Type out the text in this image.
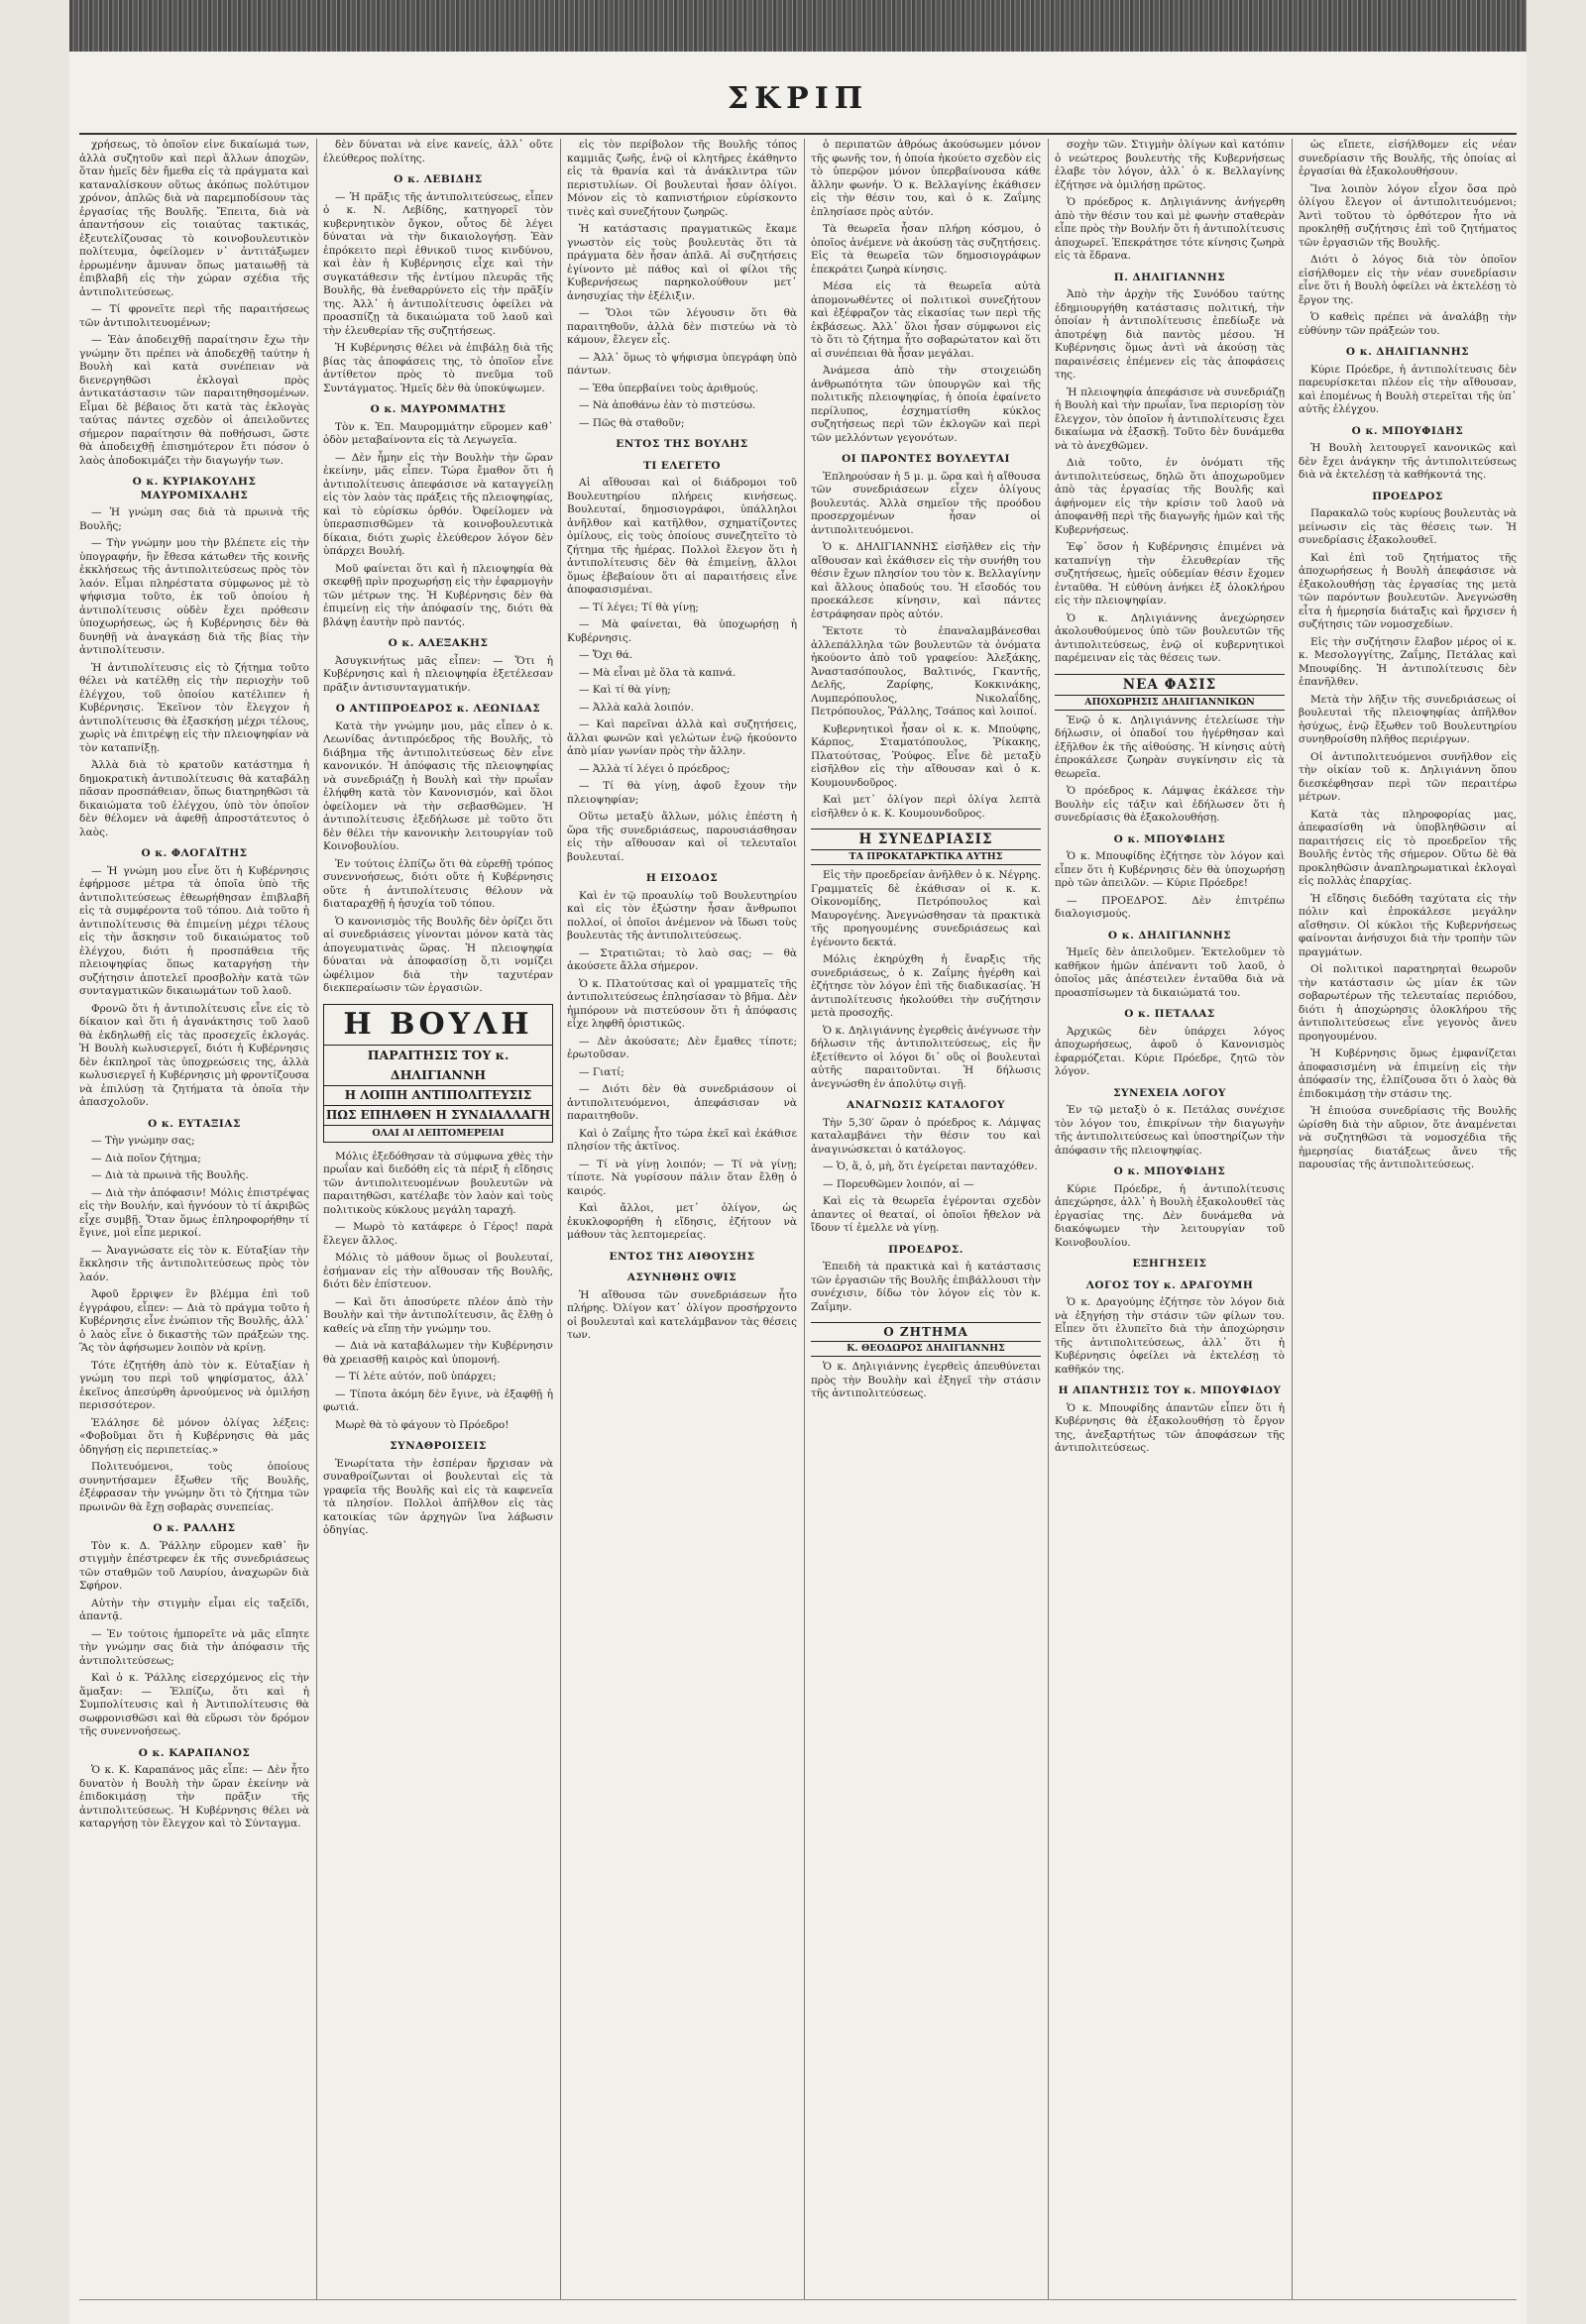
ΣΚΡΙΠ

χρήσεως, τὸ ὁποῖον εἶνε δικαίωμά των, ἀλλὰ συζητοῦν καὶ περὶ ἄλλων ἀποχῶν, ὅταν ἡμεῖς δὲν ἤμεθα εἰς τὰ πράγματα καὶ καταναλίσκουν οὕτως ἀκόπως πολύτιμον χρόνον, ἁπλῶς διὰ νὰ παρεμποδίσουν τὰς ἐργασίας τῆς Βουλῆς. Ἔπειτα, διὰ νὰ ἀπαντήσουν εἰς τοιαύτας τακτικάς, ἐξευτελίζουσας τὸ κοινοβουλευτικὸν πολίτευμα, ὀφείλομεν ν᾿ ἀντιτάξωμεν ἐρρωμένην ἄμυναν ὅπως ματαιωθῇ τὰ ἐπιβλαβῆ εἰς τὴν χώραν σχέδια τῆς ἀντιπολιτεύσεως.

— Τί φρονεῖτε περὶ τῆς παραιτήσεως τῶν ἀντιπολιτευομένων;

— Ἐὰν ἀποδειχθῇ παραίτησιν ἔχω τὴν γνώμην ὅτι πρέπει νὰ ἀποδεχθῇ ταύτην ἡ Βουλὴ καὶ κατὰ συνέπειαν νὰ διενεργηθῶσι ἐκλογαὶ πρὸς ἀντικατάστασιν τῶν παραιτηθησομένων. Εἶμαι δὲ βέβαιος ὅτι κατὰ τὰς ἐκλογὰς ταύτας πάντες σχεδὸν οἱ ἀπειλοῦντες σήμερον παραίτησιν θὰ ποθήσωσι, ὥστε θὰ ἀποδειχθῇ ἐπισημότερον ἔτι πόσον ὁ λαὸς ἀποδοκιμάζει τὴν διαγωγήν των.

Ο κ. ΚΥΡΙΑΚΟΥΛΗΣ ΜΑΥΡΟΜΙΧΑΛΗΣ

— Ἡ γνώμη σας διὰ τὰ πρωινὰ τῆς Βουλῆς;

— Τὴν γνώμην μου τὴν βλέπετε εἰς τὴν ὑπογραφήν, ἣν ἔθεσα κάτωθεν τῆς κοινῆς ἐκκλήσεως τῆς ἀντιπολιτεύσεως πρὸς τὸν λαόν. Εἶμαι πληρέστατα σύμφωνος μὲ τὸ ψήφισμα τοῦτο, ἐκ τοῦ ὁποίου ἡ ἀντιπολίτευσις οὐδὲν ἔχει πρόθεσιν ὑποχωρήσεως, ὡς ἡ Κυβέρνησις δὲν θὰ δυνηθῇ νὰ ἀναγκάσῃ διὰ τῆς βίας τὴν ἀντιπολίτευσιν.

Ἡ ἀντιπολίτευσις εἰς τὸ ζήτημα τοῦτο θέλει νὰ κατέλθῃ εἰς τὴν περιοχὴν τοῦ ἐλέγχου, τοῦ ὁποίου κατέλιπεν ἡ Κυβέρνησις. Ἐκεῖνον τὸν ἔλεγχον ἡ ἀντιπολίτευσις θὰ ἐξασκήσῃ μέχρι τέλους, χωρὶς νὰ ἐπιτρέψῃ εἰς τὴν πλειοψηφίαν νὰ τὸν καταπνίξῃ.

Ἀλλὰ διὰ τὸ κρατοῦν κατάστημα ἡ δημοκρατικὴ ἀντιπολίτευσις θὰ καταβάλῃ πᾶσαν προσπάθειαν, ὅπως διατηρηθῶσι τὰ δικαιώματα τοῦ ἐλέγχου, ὑπὸ τὸν ὁποῖον δὲν θέλομεν νὰ ἀφεθῇ ἀπροστάτευτος ὁ λαὸς.

Ο κ. ΦΛΟΓΑΪΤΗΣ

— Ἡ γνώμη μου εἶνε ὅτι ἡ Κυβέρνησις ἐφήρμοσε μέτρα τὰ ὁποῖα ὑπὸ τῆς ἀντιπολιτεύσεως ἐθεωρήθησαν ἐπιβλαβῆ εἰς τὰ συμφέροντα τοῦ τόπου. Διὰ τοῦτο ἡ ἀντιπολίτευσις θὰ ἐπιμείνῃ μέχρι τέλους εἰς τὴν ἄσκησιν τοῦ δικαιώματος τοῦ ἐλέγχου, διότι ἡ προσπάθεια τῆς πλειοψηφίας ὅπως καταργήσῃ τὴν συζήτησιν ἀποτελεῖ προσβολὴν κατὰ τῶν συνταγματικῶν δικαιωμάτων τοῦ λαοῦ.

Φρονῶ ὅτι ἡ ἀντιπολίτευσις εἶνε εἰς τὸ δίκαιον καὶ ὅτι ἡ ἀγανάκτησις τοῦ λαοῦ θὰ ἐκδηλωθῇ εἰς τὰς προσεχεῖς ἐκλογάς. Ἡ Βουλὴ κωλυσιεργεῖ, διότι ἡ Κυβέρνησις δὲν ἐκπληροῖ τὰς ὑποχρεώσεις της, ἀλλὰ κωλυσιεργεῖ ἡ Κυβέρνησις μὴ φροντίζουσα νὰ ἐπιλύσῃ τὰ ζητήματα τὰ ὁποῖα τὴν ἀπασχολοῦν.

Ο κ. ΕΥΤΑΞΙΑΣ

— Τὴν γνώμην σας;

— Διὰ ποῖον ζήτημα;

— Διὰ τὰ πρωινὰ τῆς Βουλῆς.

— Διὰ τὴν ἀπόφασιν! Μόλις ἐπιστρέψας εἰς τὴν Βουλήν, καὶ ἠγνόουν τὸ τί ἀκριβῶς εἶχε συμβῇ. Ὅταν ὅμως ἐπληροφορήθην τί ἔγινε, μοὶ εἶπε μερικοί.

— Ἀναγνώσατε εἰς τὸν κ. Εὐταξίαν τὴν ἔκκλησιν τῆς ἀντιπολιτεύσεως πρὸς τὸν λαόν.

Ἀφοῦ ἔρριψεν ἓν βλέμμα ἐπὶ τοῦ ἐγγράφου, εἶπεν: — Διὰ τὸ πράγμα τοῦτο ἡ Κυβέρνησις εἶνε ἐνώπιον τῆς Βουλῆς, ἀλλ᾿ ὁ λαὸς εἶνε ὁ δικαστὴς τῶν πράξεών της. Ἂς τὸν ἀφήσωμεν λοιπὸν νὰ κρίνῃ.

Τότε ἐζητήθη ἀπὸ τὸν κ. Εὐταξίαν ἡ γνώμη του περὶ τοῦ ψηφίσματος, ἀλλ᾿ ἐκεῖνος ἀπεσύρθη ἀρνούμενος νὰ ὁμιλήσῃ περισσότερον.

Ἐλάλησε δὲ μόνον ὀλίγας λέξεις: «Φοβοῦμαι ὅτι ἡ Κυβέρνησις θὰ μᾶς ὁδηγήσῃ εἰς περιπετείας.»

Πολιτευόμενοι, τοὺς ὁποίους συνηντήσαμεν ἔξωθεν τῆς Βουλῆς, ἐξέφρασαν τὴν γνώμην ὅτι τὸ ζήτημα τῶν πρωινῶν θὰ ἔχῃ σοβαρὰς συνεπείας.

Ο κ. ΡΑΛΛΗΣ

Τὸν κ. Δ. Ῥάλλην εὕρομεν καθ᾿ ἣν στιγμὴν ἐπέστρεφεν ἐκ τῆς συνεδριάσεως τῶν σταθμῶν τοῦ Λαυρίου, ἀναχωρῶν διὰ Σφήρον.

Αὐτὴν τὴν στιγμὴν εἶμαι εἰς ταξεῖδι, ἀπαντᾷ.

— Ἐν τούτοις ἠμπορεῖτε νὰ μᾶς εἴπητε τὴν γνώμην σας διὰ τὴν ἀπόφασιν τῆς ἀντιπολιτεύσεως;

Καὶ ὁ κ. Ῥάλλης εἰσερχόμενος εἰς τὴν ἅμαξαν: — Ἐλπίζω, ὅτι καὶ ἡ Συμπολίτευσις καὶ ἡ Ἀντιπολίτευσις θὰ σωφρονισθῶσι καὶ θὰ εὕρωσι τὸν δρόμον τῆς συνεννοήσεως.

Ο κ. ΚΑΡΑΠΑΝΟΣ

Ὁ κ. Κ. Καραπάνος μᾶς εἶπε: — Δὲν ἦτο δυνατὸν ἡ Βουλὴ τὴν ὥραν ἐκείνην νὰ ἐπιδοκιμάσῃ τὴν πρᾶξιν τῆς ἀντιπολιτεύσεως. Ἡ Κυβέρνησις θέλει νὰ καταργήσῃ τὸν ἔλεγχον καὶ τὸ Σύνταγμα.

δὲν δύναται νὰ εἶνε κανείς, ἀλλ᾿ οὔτε ἐλεύθερος πολίτης.

Ο κ. ΛΕΒΙΔΗΣ

— Ἡ πρᾶξις τῆς ἀντιπολιτεύσεως, εἶπεν ὁ κ. Ν. Λεβίδης, κατηγορεῖ τὸν κυβερνητικὸν ὄγκον, οὗτος δὲ λέγει δύναται νὰ τὴν δικαιολογήσῃ. Ἐὰν ἐπρόκειτο περὶ ἐθνικοῦ τινος κινδύνου, καὶ ἐὰν ἡ Κυβέρνησις εἶχε καὶ τὴν συγκατάθεσιν τῆς ἐντίμου πλευρᾶς τῆς Βουλῆς, θὰ ἐνεθαρρύνετο εἰς τὴν πρᾶξίν της. Ἀλλ᾿ ἡ ἀντιπολίτευσις ὀφείλει νὰ προασπίζῃ τὰ δικαιώματα τοῦ λαοῦ καὶ τὴν ἐλευθερίαν τῆς συζητήσεως.

Ἡ Κυβέρνησις θέλει νὰ ἐπιβάλῃ διὰ τῆς βίας τὰς ἀποφάσεις της, τὸ ὁποῖον εἶνε ἀντίθετον πρὸς τὸ πνεῦμα τοῦ Συντάγματος. Ἡμεῖς δὲν θὰ ὑποκύψωμεν.

Ο κ. ΜΑΥΡΟΜΜΑΤΗΣ

Τὸν κ. Ἐπ. Μαυρομμάτην εὕρομεν καθ᾿ ὁδὸν μεταβαίνοντα εἰς τὰ Λεγωγεῖα.

— Δὲν ἦμην εἰς τὴν Βουλὴν τὴν ὥραν ἐκείνην, μᾶς εἶπεν. Τώρα ἔμαθον ὅτι ἡ ἀντιπολίτευσις ἀπεφάσισε νὰ καταγγείλῃ εἰς τὸν λαὸν τὰς πράξεις τῆς πλειοψηφίας, καὶ τὸ εὑρίσκω ὀρθόν. Ὀφείλομεν νὰ ὑπερασπισθῶμεν τὰ κοινοβουλευτικὰ δίκαια, διότι χωρὶς ἐλεύθερον λόγον δὲν ὑπάρχει Βουλή.

Μοῦ φαίνεται ὅτι καὶ ἡ πλειοψηφία θὰ σκεφθῇ πρὶν προχωρήσῃ εἰς τὴν ἐφαρμογὴν τῶν μέτρων της. Ἡ Κυβέρνησις δὲν θὰ ἐπιμείνῃ εἰς τὴν ἀπόφασίν της, διότι θὰ βλάψῃ ἑαυτὴν πρὸ παντός.

Ο κ. ΑΛΕΞΑΚΗΣ

Ἀσυγκινήτως μᾶς εἶπεν: — Ὅτι ἡ Κυβέρνησις καὶ ἡ πλειοψηφία ἐξετέλεσαν πρᾶξιν ἀντισυνταγματικήν.

Ο ΑΝΤΙΠΡΟΕΔΡΟΣ κ. ΛΕΩΝΙΔΑΣ

Κατὰ τὴν γνώμην μου, μᾶς εἶπεν ὁ κ. Λεωνίδας ἀντιπρόεδρος τῆς Βουλῆς, τὸ διάβημα τῆς ἀντιπολιτεύσεως δὲν εἶνε κανονικόν. Ἡ ἀπόφασις τῆς πλειοψηφίας νὰ συνεδριάζῃ ἡ Βουλὴ καὶ τὴν πρωΐαν ἐλήφθη κατὰ τὸν Κανονισμόν, καὶ ὅλοι ὀφείλομεν νὰ τὴν σεβασθῶμεν. Ἡ ἀντιπολίτευσις ἐξεδήλωσε μὲ τοῦτο ὅτι δὲν θέλει τὴν κανονικὴν λειτουργίαν τοῦ Κοινοβουλίου.

Ἐν τούτοις ἐλπίζω ὅτι θὰ εὑρεθῇ τρόπος συνεννοήσεως, διότι οὔτε ἡ Κυβέρνησις οὔτε ἡ ἀντιπολίτευσις θέλουν νὰ διαταραχθῇ ἡ ἡσυχία τοῦ τόπου.

Ὁ κανονισμὸς τῆς Βουλῆς δὲν ὁρίζει ὅτι αἱ συνεδριάσεις γίνονται μόνον κατὰ τὰς ἀπογευματινὰς ὥρας. Ἡ πλειοψηφία δύναται νὰ ἀποφασίσῃ ὅ,τι νομίζει ὠφέλιμον διὰ τὴν ταχυτέραν διεκπεραίωσιν τῶν ἐργασιῶν.

Η ΒΟΥΛΗ
ΠΑΡΑΙΤΗΣΙΣ ΤΟΥ κ. ΔΗΛΙΓΙΑΝΝΗ
Η ΛΟΙΠΗ ΑΝΤΙΠΟΛΙΤΕΥΣΙΣ
ΠΩΣ ΕΠΗΛΘΕΝ Η ΣΥΝΔΙΑΛΛΑΓΗ
ΟΛΑΙ ΑΙ ΛΕΠΤΟΜΕΡΕΙΑΙ

Μόλις ἐξεδόθησαν τὰ σύμφωνα χθὲς τὴν πρωΐαν καὶ διεδόθη εἰς τὰ πέριξ ἡ εἴδησις τῶν ἀντιπολιτευομένων βουλευτῶν νὰ παραιτηθῶσι, κατέλαβε τὸν λαὸν καὶ τοὺς πολιτικοὺς κύκλους μεγάλη ταραχή.

— Μωρὸ τὸ κατάφερε ὁ Γέρος! παρὰ ἔλεγεν ἄλλος.

Μόλις τὸ μάθουν ὅμως οἱ βουλευταί, ἐσήμαναν εἰς τὴν αἴθουσαν τῆς Βουλῆς, διότι δὲν ἐπίστευον.

— Καὶ ὅτι ἀποσύρετε πλέον ἀπὸ τὴν Βουλὴν καὶ τὴν ἀντιπολίτευσιν, ἄς ἔλθῃ ὁ καθείς νὰ εἴπῃ τὴν γνώμην του.

— Διὰ νὰ καταβάλωμεν τὴν Κυβέρνησιν θὰ χρειασθῇ καιρὸς καὶ ὑπομονή.

— Τί λέτε αὐτόν, ποῦ ὑπάρχει;

— Τίποτα ἀκόμη δὲν ἔγινε, νὰ ἐξαφθῇ ἡ φωτιά.

Μωρὲ θὰ τὸ φάγουν τὸ Πρόεδρο!

ΣΥΝΑΘΡΟΙΣΕΙΣ

Ἐνωρίτατα τὴν ἑσπέραν ἤρχισαν νὰ συναθροίζωνται οἱ βουλευταὶ εἰς τὰ γραφεῖα τῆς Βουλῆς καὶ εἰς τὰ καφενεῖα τὰ πλησίον. Πολλοὶ ἀπῆλθον εἰς τὰς κατοικίας τῶν ἀρχηγῶν ἵνα λάβωσιν ὁδηγίας.

εἰς τὸν περίβολον τῆς Βουλῆς τόπος καμμιᾶς ζωῆς, ἐνῷ οἱ κλητῆρες ἐκάθηντο εἰς τὰ θρανία καὶ τὰ ἀνάκλιντρα τῶν περιστυλίων. Οἱ βουλευταὶ ἦσαν ὀλίγοι. Μόνον εἰς τὸ καπνιστήριον εὑρίσκοντο τινὲς καὶ συνεζήτουν ζωηρῶς.

Ἡ κατάστασις πραγματικῶς ἔκαμε γνωστὸν εἰς τοὺς βουλευτὰς ὅτι τὰ πράγματα δὲν ἦσαν ἀπλᾶ. Αἱ συζητήσεις ἐγίνοντο μὲ πάθος καὶ οἱ φίλοι τῆς Κυβερνήσεως παρηκολούθουν μετ᾿ ἀνησυχίας τὴν ἐξέλιξιν.

— Ὅλοι τῶν λέγουσιν ὅτι θὰ παραιτηθοῦν, ἀλλὰ δὲν πιστεύω νὰ τὸ κάμουν, ἔλεγεν εἷς.

— Ἀλλ᾿ ὅμως τὸ ψήφισμα ὑπεγράφη ὑπὸ πάντων.

— Ἐθα ὑπερβαίνει τοὺς ἀριθμούς.

— Νὰ ἀποθάνω ἐὰν τὸ πιστεύσω.

— Πῶς θὰ σταθοῦν;

ΕΝΤΟΣ ΤΗΣ ΒΟΥΛΗΣ
ΤΙ ΕΛΕΓΕΤΟ

Αἱ αἴθουσαι καὶ οἱ διάδρομοι τοῦ Βουλευτηρίου πλήρεις κινήσεως. Βουλευταί, δημοσιογράφοι, ὑπάλληλοι ἀνῆλθον καὶ κατῆλθον, σχηματίζοντες ὁμίλους, εἰς τοὺς ὁποίους συνεζητεῖτο τὸ ζήτημα τῆς ἡμέρας. Πολλοὶ ἔλεγον ὅτι ἡ ἀντιπολίτευσις δὲν θὰ ἐπιμείνῃ, ἄλλοι ὅμως ἐβεβαίουν ὅτι αἱ παραιτήσεις εἶνε ἀποφασισμέναι.

— Τί λέγει; Τί θὰ γίνῃ;

— Μὰ φαίνεται, θὰ ὑποχωρήσῃ ἡ Κυβέρνησις.

— Ὄχι θά.

— Μὰ εἶναι μὲ ὅλα τὰ καπνά.

— Καὶ τί θὰ γίνῃ;

— Ἀλλὰ καλὰ λοιπόν.

— Καὶ παρεῖναι ἀλλὰ καὶ συζητήσεις, ἄλλαι φωνῶν καὶ γελώτων ἐνῷ ἠκούοντο ἀπὸ μίαν γωνίαν πρὸς τὴν ἄλλην.

— Ἀλλὰ τί λέγει ὁ πρόεδρος;

— Τί θὰ γίνῃ, ἀφοῦ ἔχουν τὴν πλειοψηφίαν;

Οὕτω μεταξὺ ἄλλων, μόλις ἐπέστη ἡ ὥρα τῆς συνεδριάσεως, παρουσιάσθησαν εἰς τὴν αἴθουσαν καὶ οἱ τελευταῖοι βουλευταί.

Η ΕΙΣΟΔΟΣ

Καὶ ἐν τῷ προαυλίῳ τοῦ Βουλευτηρίου καὶ εἰς τὸν ἐξώστην ἦσαν ἄνθρωποι πολλοί, οἱ ὁποῖοι ἀνέμενον νὰ ἴδωσι τοὺς βουλευτὰς τῆς ἀντιπολιτεύσεως.

— Στρατιῶται; τὸ λαὸ σας; — θὰ ἀκούσετε ἄλλα σήμερον.

Ὁ κ. Πλατούτσας καὶ οἱ γραμματεῖς τῆς ἀντιπολιτεύσεως ἐπλησίασαν τὸ βῆμα. Δὲν ἠμπόρουν νὰ πιστεύσουν ὅτι ἡ ἀπόφασις εἶχε ληφθῆ ὁριστικῶς.

— Δὲν ἀκούσατε; Δὲν ἔμαθες τίποτε; ἐρωτοῦσαν.

— Γιατί;

— Διότι δὲν θὰ συνεδριάσουν οἱ ἀντιπολιτευόμενοι, ἀπεφάσισαν νὰ παραιτηθοῦν.

Καὶ ὁ Ζαΐμης ἦτο τώρα ἐκεῖ καὶ ἐκάθισε πλησίον τῆς ἀκτῖνος.

— Τί νὰ γίνῃ λοιπόν; — Τί νὰ γίνῃ; τίποτε. Νὰ γυρίσουν πάλιν ὅταν ἔλθῃ ὁ καιρός.

Καὶ ἄλλοι, μετ᾿ ὀλίγον, ὡς ἐκυκλοφορήθη ἡ εἴδησις, ἐζήτουν νὰ μάθουν τὰς λεπτομερείας.

ΕΝΤΟΣ ΤΗΣ ΑΙΘΟΥΣΗΣ
ΑΣΥΝΗΘΗΣ ΟΨΙΣ

Ἡ αἴθουσα τῶν συνεδριάσεων ἦτο πλήρης. Ὀλίγον κατ᾿ ὀλίγον προσήρχοντο οἱ βουλευταὶ καὶ κατελάμβανον τὰς θέσεις των.

ὁ περιπατῶν ἀθρόως ἀκούσωμεν μόνον τῆς φωνῆς τον, ἡ ὁποία ἠκούετο σχεδὸν εἰς τὸ ὑπερῷον μόνον ὑπερβαίνουσα κάθε ἄλλην φωνήν. Ὁ κ. Βελλαγίνης ἐκάθισεν εἰς τὴν θέσιν του, καὶ ὁ κ. Ζαΐμης ἐπλησίασε πρὸς αὐτόν.

Τὰ θεωρεῖα ἦσαν πλήρη κόσμου, ὁ ὁποῖος ἀνέμενε νὰ ἀκούσῃ τὰς συζητήσεις. Εἰς τὰ θεωρεῖα τῶν δημοσιογράφων ἐπεκράτει ζωηρὰ κίνησις.

Μέσα εἰς τὰ θεωρεῖα αὐτὰ ἀπομονωθέντες οἱ πολιτικοὶ συνεζήτουν καὶ ἐξέφραζον τὰς εἰκασίας των περὶ τῆς ἐκβάσεως. Ἀλλ᾿ ὅλοι ἦσαν σύμφωνοι εἰς τὸ ὅτι τὸ ζήτημα ἦτο σοβαρώτατον καὶ ὅτι αἱ συνέπειαι θὰ ἦσαν μεγάλαι.

Ἀνάμεσα ἀπὸ τὴν στοιχειώδη ἀνθρωπότητα τῶν ὑπουργῶν καὶ τῆς πολιτικῆς πλειοψηφίας, ἡ ὁποία ἐφαίνετο περίλυπος, ἐσχηματίσθη κύκλος συζητήσεως περὶ τῶν ἐκλογῶν καὶ περὶ τῶν μελλόντων γεγονότων.

ΟΙ ΠΑΡΟΝΤΕΣ ΒΟΥΛΕΥΤΑΙ

Ἐπληρούσαν ἡ 5 μ. μ. ὥρα καὶ ἡ αἴθουσα τῶν συνεδριάσεων εἶχεν ὀλίγους βουλευτάς. Ἀλλὰ σημεῖον τῆς προόδου προσερχομένων ἦσαν οἱ ἀντιπολιτευόμενοι.

Ὁ κ. ΔΗΛΙΓΙΑΝΝΗΣ εἰσῆλθεν εἰς τὴν αἴθουσαν καὶ ἐκάθισεν εἰς τὴν συνήθη του θέσιν ἔχων πλησίον του τὸν κ. Βελλαγίνην καὶ ἄλλους ὀπαδούς του. Ἡ εἴσοδός του προεκάλεσε κίνησιν, καὶ πάντες ἐστράφησαν πρὸς αὐτόν.

Ἔκτοτε τὸ ἐπαναλαμβάνεσθαι ἀλλεπάλληλα τῶν βουλευτῶν τὰ ὀνόματα ἠκούοντο ἀπὸ τοῦ γραφείου: Ἀλεξάκης, Ἀναστασόπουλος, Βαλτινός, Γκαντῆς, Δελῆς, Ζαρίφης, Κοκκινάκης, Λυμπερόπουλος, Νικολαΐδης, Πετρόπουλος, Ῥάλλης, Τσάπος καὶ λοιποί.

Κυβερνητικοὶ ἦσαν οἱ κ. κ. Μπούφης, Κάρπος, Σταματόπουλος, Ῥίκακης, Πλατούτσας, Ῥούφος. Εἶνε δὲ μεταξὺ εἰσῆλθον εἰς τὴν αἴθουσαν καὶ ὁ κ. Κουμουνδοῦρος.

Καὶ μετ᾿ ὀλίγον περὶ ὀλίγα λεπτὰ εἰσῆλθεν ὁ κ. Κ. Κουμουνδοῦρος.

Η ΣΥΝΕΔΡΙΑΣΙΣ
ΤΑ ΠΡΟΚΑΤΑΡΚΤΙΚΑ ΑΥΤΗΣ

Εἰς τὴν προεδρείαν ἀνῆλθεν ὁ κ. Νέγρης. Γραμματεῖς δὲ ἐκάθισαν οἱ κ. κ. Οἰκονομίδης, Πετρόπουλος καὶ Μαυρογένης. Ἀνεγνώσθησαν τὰ πρακτικὰ τῆς προηγουμένης συνεδριάσεως καὶ ἐγένοντο δεκτά.

Μόλις ἐκηρύχθη ἡ ἔναρξις τῆς συνεδριάσεως, ὁ κ. Ζαΐμης ἠγέρθη καὶ ἐζήτησε τὸν λόγον ἐπὶ τῆς διαδικασίας. Ἡ ἀντιπολίτευσις ἠκολούθει τὴν συζήτησιν μετὰ προσοχῆς.

Ὁ κ. Δηλιγιάννης ἐγερθεὶς ἀνέγνωσε τὴν δήλωσιν τῆς ἀντιπολιτεύσεως, εἰς ἣν ἐξετίθεντο οἱ λόγοι δι᾿ οὓς οἱ βουλευταὶ αὐτῆς παραιτοῦνται. Ἡ δήλωσις ἀνεγνώσθη ἐν ἀπολύτῳ σιγῇ.

ΑΝΑΓΝΩΣΙΣ ΚΑΤΑΛΟΓΟΥ

Τὴν 5,30′ ὥραν ὁ πρόεδρος κ. Λάμψας καταλαμβάνει τὴν θέσιν του καὶ ἀναγινώσκεται ὁ κατάλογος.

— Ὁ, ἅ, ὁ, μὴ, ὅτι ἐγείρεται πανταχόθεν.

— Πορευθῶμεν λοιπόν, αἱ —

Καὶ εἰς τὰ θεωρεῖα ἐγέρονται σχεδὸν ἀπαντες οἱ θεαταί, οἱ ὁποῖοι ἤθελον νὰ ἴδουν τί ἐμελλε νὰ γίνῃ.

ΠΡΟΕΔΡΟΣ.

Ἐπειδὴ τὰ πρακτικὰ καὶ ἡ κατάστασις τῶν ἐργασιῶν τῆς Βουλῆς ἐπιβάλλουσι τὴν συνέχισιν, δίδω τὸν λόγον εἰς τὸν κ. Ζαΐμην.

Ο ΖΗΤΗΜΑ
Κ. ΘΕΟΔΩΡΟΣ ΔΗΛΙΓΙΑΝΝΗΣ

Ὁ κ. Δηλιγιάννης ἐγερθεὶς ἀπευθύνεται πρὸς τὴν Βουλὴν καὶ ἐξηγεῖ τὴν στάσιν τῆς ἀντιπολιτεύσεως.

σοχὴν τῶν. Στιγμὴν ὀλίγων καὶ κατόπιν ὁ νεώτερος βουλευτὴς τῆς Κυβερνήσεως ἐλαβε τὸν λόγον, ἀλλ᾿ ὁ κ. Βελλαγίνης ἐζήτησε νὰ ὁμιλήσῃ πρῶτος.

Ὁ πρόεδρος κ. Δηλιγιάννης ἀνήγερθη ἀπὸ τὴν θέσιν του καὶ μὲ φωνὴν σταθερὰν εἶπε πρὸς τὴν Βουλήν ὅτι ἡ ἀντιπολίτευσις ἀποχωρεῖ. Ἐπεκράτησε τότε κίνησις ζωηρὰ εἰς τὰ ἕδρανα.

Π. ΔΗΛΙΓΙΑΝΝΗΣ

Ἀπὸ τὴν ἀρχὴν τῆς Συνόδου ταύτης ἐδημιουργήθη κατάστασις πολιτική, τὴν ὁποίαν ἡ ἀντιπολίτευσις ἐπεδίωξε νὰ ἀποτρέψῃ διὰ παντὸς μέσου. Ἡ Κυβέρνησις ὅμως ἀντὶ νὰ ἀκούσῃ τὰς παραινέσεις ἐπέμενεν εἰς τὰς ἀποφάσεις της.

Ἡ πλειοψηφία ἀπεφάσισε νὰ συνεδριάζῃ ἡ Βουλὴ καὶ τὴν πρωΐαν, ἵνα περιορίσῃ τὸν ἔλεγχον, τὸν ὁποῖον ἡ ἀντιπολίτευσις ἔχει δικαίωμα νὰ ἐξασκῇ. Τοῦτο δὲν δυνάμεθα νὰ τὸ ἀνεχθῶμεν.

Διὰ τοῦτο, ἐν ὀνόματι τῆς ἀντιπολιτεύσεως, δηλῶ ὅτι ἀποχωροῦμεν ἀπὸ τὰς ἐργασίας τῆς Βουλῆς καὶ ἀφήνομεν εἰς τὴν κρίσιν τοῦ λαοῦ νὰ ἀποφανθῇ περὶ τῆς διαγωγῆς ἡμῶν καὶ τῆς Κυβερνήσεως.

Ἐφ᾿ ὅσον ἡ Κυβέρνησις ἐπιμένει νὰ καταπνίγῃ τὴν ἐλευθερίαν τῆς συζητήσεως, ἡμεῖς οὐδεμίαν θέσιν ἔχομεν ἐνταῦθα. Ἡ εὐθύνη ἀνήκει ἐξ ὁλοκλήρου εἰς τὴν πλειοψηφίαν.

Ὁ κ. Δηλιγιάννης ἀνεχώρησεν ἀκολουθούμενος ὑπὸ τῶν βουλευτῶν τῆς ἀντιπολιτεύσεως, ἐνῷ οἱ κυβερνητικοὶ παρέμειναν εἰς τὰς θέσεις των.

ΝΕΑ ΦΑΣΙΣ
ΑΠΟΧΩΡΗΣΙΣ ΔΗΛΙΓΙΑΝΝΙΚΩΝ

Ἐνῷ ὁ κ. Δηλιγιάννης ἐτελείωσε τὴν δήλωσιν, οἱ ὀπαδοί του ἠγέρθησαν καὶ ἐξῆλθον ἐκ τῆς αἰθούσης. Ἡ κίνησις αὐτὴ ἐπροκάλεσε ζωηρὰν συγκίνησιν εἰς τὰ θεωρεῖα.

Ὁ πρόεδρος κ. Λάμψας ἐκάλεσε τὴν Βουλὴν εἰς τάξιν καὶ ἐδήλωσεν ὅτι ἡ συνεδρίασις θὰ ἐξακολουθήσῃ.

Ο κ. ΜΠΟΥΦΙΔΗΣ

Ὁ κ. Μπουφίδης ἐζήτησε τὸν λόγον καὶ εἶπεν ὅτι ἡ Κυβέρνησις δὲν θὰ ὑποχωρήσῃ πρὸ τῶν ἀπειλῶν. — Κύριε Πρόεδρε!

— ΠΡΟΕΔΡΟΣ. Δὲν ἐπιτρέπω διαλογισμούς.

Ο κ. ΔΗΛΙΓΙΑΝΝΗΣ

Ἡμεῖς δὲν ἀπειλοῦμεν. Ἐκτελοῦμεν τὸ καθῆκον ἡμῶν ἀπέναντι τοῦ λαοῦ, ὁ ὁποῖος μᾶς ἀπέστειλεν ἐνταῦθα διὰ νὰ προασπίσωμεν τὰ δικαιώματά του.

Ο κ. ΠΕΤΑΛΑΣ

Ἀρχικῶς δὲν ὑπάρχει λόγος ἀποχωρήσεως, ἀφοῦ ὁ Κανονισμὸς ἐφαρμόζεται. Κύριε Πρόεδρε, ζητῶ τὸν λόγον.

ΣΥΝΕΧΕΙΑ ΛΟΓΟΥ

Ἐν τῷ μεταξὺ ὁ κ. Πετάλας συνέχισε τὸν λόγον του, ἐπικρίνων τὴν διαγωγὴν τῆς ἀντιπολιτεύσεως καὶ ὑποστηρίζων τὴν ἀπόφασιν τῆς πλειοψηφίας.

Ο κ. ΜΠΟΥΦΙΔΗΣ

Κύριε Πρόεδρε, ἡ ἀντιπολίτευσις ἀπεχώρησε, ἀλλ᾿ ἡ Βουλὴ ἐξακολουθεῖ τὰς ἐργασίας της. Δὲν δυνάμεθα νὰ διακόψωμεν τὴν λειτουργίαν τοῦ Κοινοβουλίου.

ΕΞΗΓΗΣΕΙΣ
ΛΟΓΟΣ ΤΟΥ κ. ΔΡΑΓΟΥΜΗ

Ὁ κ. Δραγούμης ἐζήτησε τὸν λόγον διὰ νὰ ἐξηγήσῃ τὴν στάσιν τῶν φίλων του. Εἶπεν ὅτι ἐλυπεῖτο διὰ τὴν ἀποχώρησιν τῆς ἀντιπολιτεύσεως, ἀλλ᾿ ὅτι ἡ Κυβέρνησις ὀφείλει νὰ ἐκτελέσῃ τὸ καθῆκόν της.

Η ΑΠΑΝΤΗΣΙΣ ΤΟΥ κ. ΜΠΟΥΦΙΔΟΥ

Ὁ κ. Μπουφίδης ἀπαντῶν εἶπεν ὅτι ἡ Κυβέρνησις θὰ ἐξακολουθήσῃ τὸ ἔργον της, ἀνεξαρτήτως τῶν ἀποφάσεων τῆς ἀντιπολιτεύσεως.

ὡς εἴπετε, εἰσήλθομεν εἰς νέαν συνεδρίασιν τῆς Βουλῆς, τῆς ὁποίας αἱ ἐργασίαι θὰ ἐξακολουθήσουν.

Ἵνα λοιπὸν λόγον εἶχον ὅσα πρὸ ὀλίγου ἔλεγον οἱ ἀντιπολιτευόμενοι; Ἀντὶ τοῦτου τὸ ὀρθότερον ἦτο νὰ προκληθῇ συζήτησις ἐπὶ τοῦ ζητήματος τῶν ἐργασιῶν τῆς Βουλῆς.

Διότι ὁ λόγος διὰ τὸν ὁποῖον εἰσήλθομεν εἰς τὴν νέαν συνεδρίασιν εἶνε ὅτι ἡ Βουλὴ ὀφείλει νὰ ἐκτελέσῃ τὸ ἔργον της.

Ὁ καθεὶς πρέπει νὰ ἀναλάβῃ τὴν εὐθύνην τῶν πράξεών του.

Ο κ. ΔΗΛΙΓΙΑΝΝΗΣ

Κύριε Πρόεδρε, ἡ ἀντιπολίτευσις δὲν παρευρίσκεται πλέον εἰς τὴν αἴθουσαν, καὶ ἐπομένως ἡ Βουλὴ στερεῖται τῆς ὑπ᾿ αὐτῆς ἐλέγχου.

Ο κ. ΜΠΟΥΦΙΔΗΣ

Ἡ Βουλὴ λειτουργεῖ κανονικῶς καὶ δὲν ἔχει ἀνάγκην τῆς ἀντιπολιτεύσεως διὰ νὰ ἐκτελέσῃ τὰ καθήκοντά της.

ΠΡΟΕΔΡΟΣ

Παρακαλῶ τοὺς κυρίους βουλευτὰς νὰ μείνωσιν εἰς τὰς θέσεις των. Ἡ συνεδρίασις ἐξακολουθεῖ.

Καὶ ἐπὶ τοῦ ζητήματος τῆς ἀποχωρήσεως ἡ Βουλὴ ἀπεφάσισε νὰ ἐξακολουθήσῃ τὰς ἐργασίας της μετὰ τῶν παρόντων βουλευτῶν. Ἀνεγνώσθη εἶτα ἡ ἡμερησία διάταξις καὶ ἤρχισεν ἡ συζήτησις τῶν νομοσχεδίων.

Εἰς τὴν συζήτησιν ἔλαβον μέρος οἱ κ. κ. Μεσολογγίτης, Ζαΐμης, Πετάλας καὶ Μπουφίδης. Ἡ ἀντιπολίτευσις δὲν ἐπανῆλθεν.

Μετὰ τὴν λῆξιν τῆς συνεδριάσεως οἱ βουλευταὶ τῆς πλειοψηφίας ἀπῆλθον ἡσύχως, ἐνῷ ἔξωθεν τοῦ Βουλευτηρίου συνηθροίσθη πλῆθος περιέργων.

Οἱ ἀντιπολιτευόμενοι συνῆλθον εἰς τὴν οἰκίαν τοῦ κ. Δηλιγιάννη ὅπου διεσκέφθησαν περὶ τῶν περαιτέρω μέτρων.

Κατὰ τὰς πληροφορίας μας, ἀπεφασίσθη νὰ ὑποβληθῶσιν αἱ παραιτήσεις εἰς τὸ προεδρεῖον τῆς Βουλῆς ἐντὸς τῆς σήμερον. Οὕτω δὲ θὰ προκληθῶσιν ἀναπληρωματικαὶ ἐκλογαὶ εἰς πολλὰς ἐπαρχίας.

Ἡ εἴδησις διεδόθη ταχύτατα εἰς τὴν πόλιν καὶ ἐπροκάλεσε μεγάλην αἴσθησιν. Οἱ κύκλοι τῆς Κυβερνήσεως φαίνονται ἀνήσυχοι διὰ τὴν τροπὴν τῶν πραγμάτων.

Οἱ πολιτικοὶ παρατηρηταὶ θεωροῦν τὴν κατάστασιν ὡς μίαν ἐκ τῶν σοβαρωτέρων τῆς τελευταίας περιόδου, διότι ἡ ἀποχώρησις ὁλοκλήρου τῆς ἀντιπολιτεύσεως εἶνε γεγονὸς ἄνευ προηγουμένου.

Ἡ Κυβέρνησις ὅμως ἐμφανίζεται ἀποφασισμένη νὰ ἐπιμείνῃ εἰς τὴν ἀπόφασίν της, ἐλπίζουσα ὅτι ὁ λαὸς θὰ ἐπιδοκιμάσῃ τὴν στάσιν της.

Ἡ ἐπιούσα συνεδρίασις τῆς Βουλῆς ὡρίσθη διὰ τὴν αὔριον, ὅτε ἀναμένεται νὰ συζητηθῶσι τὰ νομοσχέδια τῆς ἡμερησίας διατάξεως ἄνευ τῆς παρουσίας τῆς ἀντιπολιτεύσεως.
